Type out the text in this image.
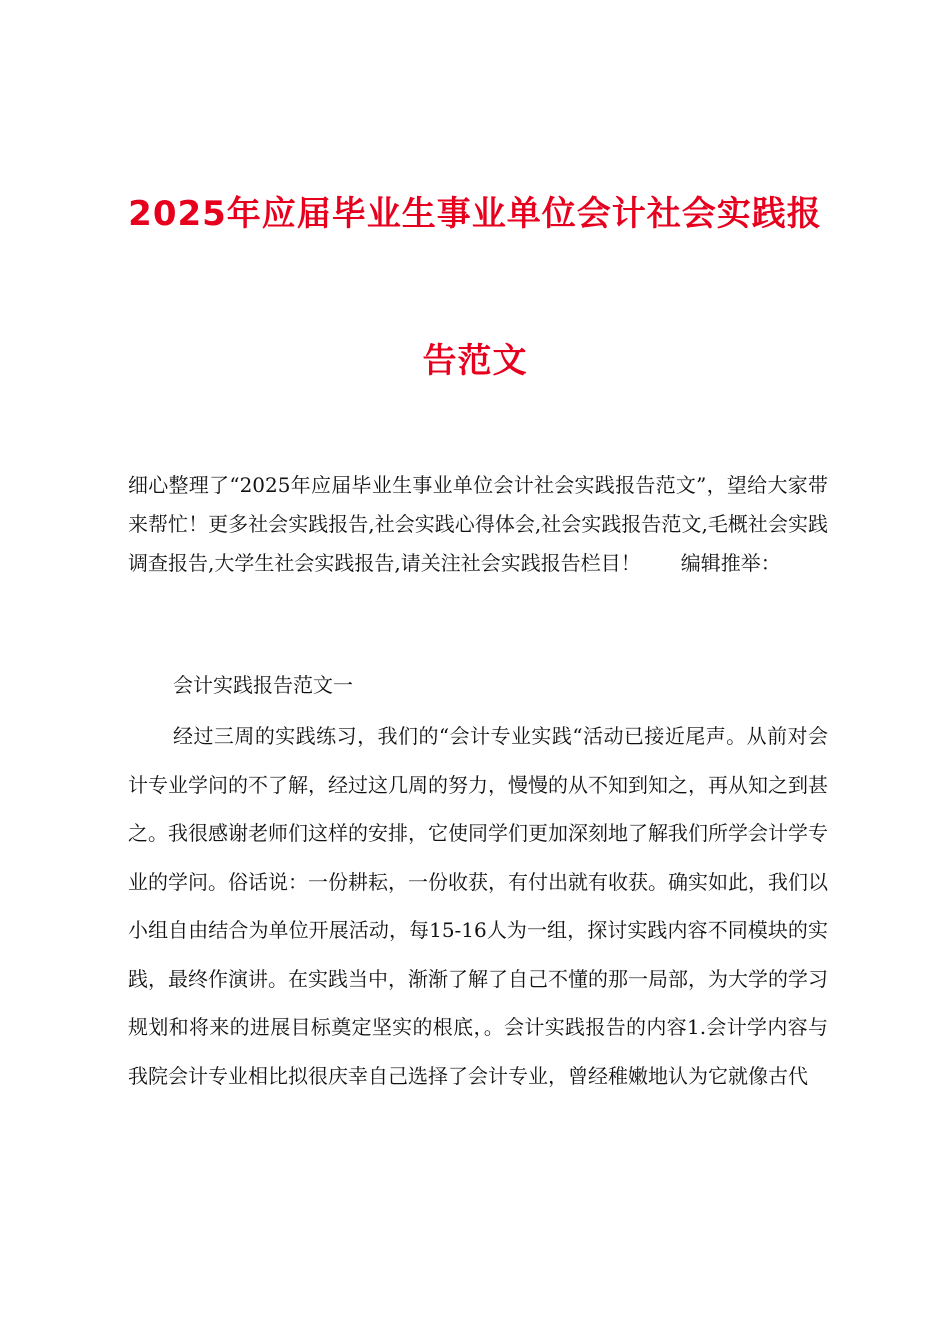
2025年应届毕业生事业单位会计社会实践报
告范文

细心整理了“2025年应届毕业生事业单位会计社会实践报告范文”，望给大家带来帮忙！更多社会实践报告,社会实践心得体会,社会实践报告范文,毛概社会实践调查报告,大学生社会实践报告,请关注社会实践报告栏目！　　编辑推举：

会计实践报告范文一

经过三周的实践练习，我们的“会计专业实践“活动已接近尾声。从前对会计专业学问的不了解，经过这几周的努力，慢慢的从不知到知之，再从知之到甚之。我很感谢老师们这样的安排，它使同学们更加深刻地了解我们所学会计学专业的学问。俗话说：一份耕耘，一份收获，有付出就有收获。确实如此，我们以小组自由结合为单位开展活动，每15-16人为一组，探讨实践内容不同模块的实践，最终作演讲。在实践当中，渐渐了解了自己不懂的那一局部，为大学的学习规划和将来的进展目标奠定坚实的根底，。会计实践报告的内容1.会计学内容与我院会计专业相比拟很庆幸自己选择了会计专业，曾经稚嫩地认为它就像古代
